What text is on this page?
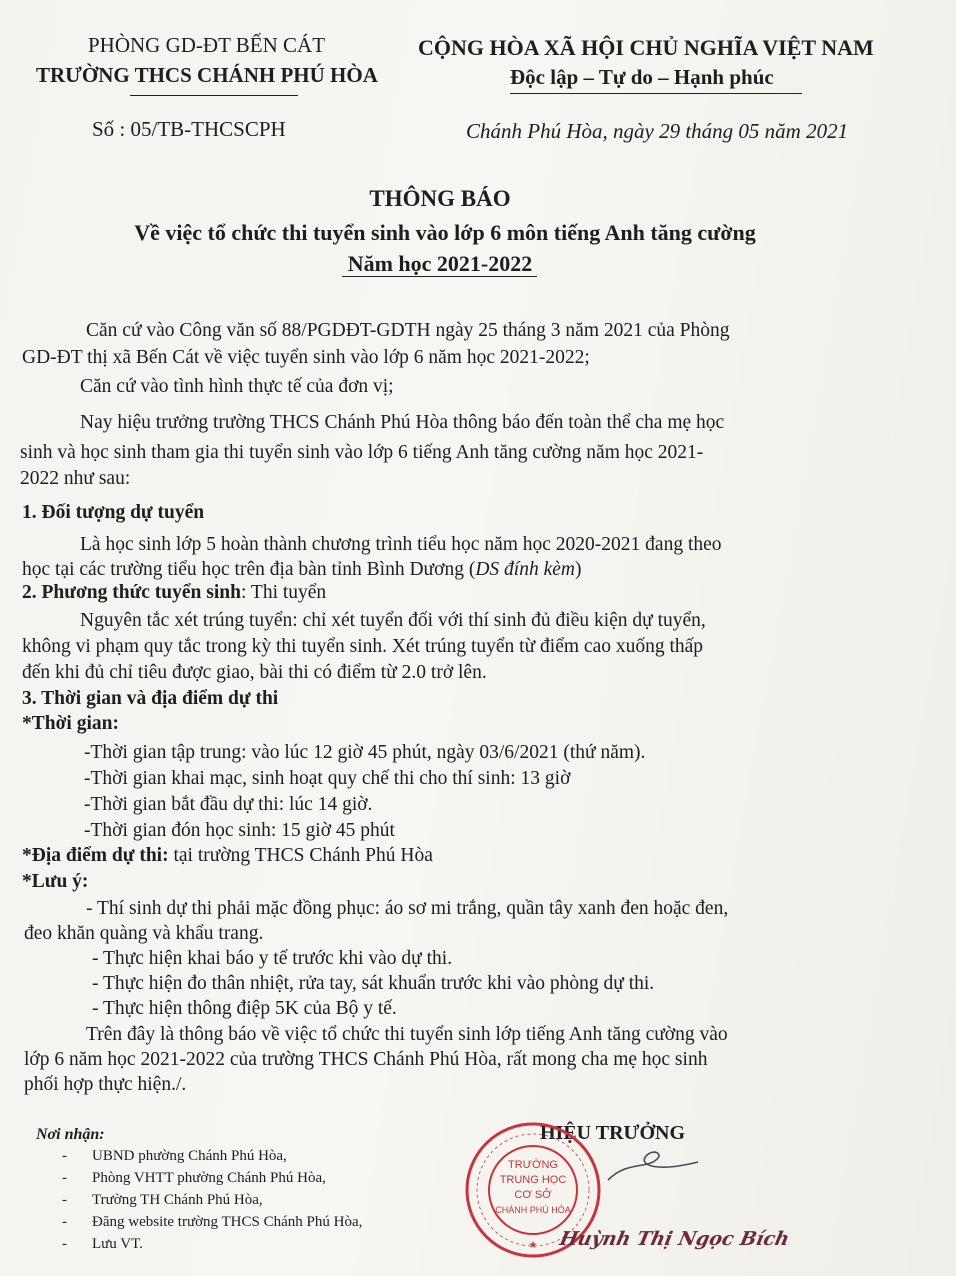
PHÒNG GD-ĐT BẾN CÁT
TRƯỜNG THCS CHÁNH PHÚ HÒA
Số : 05/TB-THCSCPH
CỘNG HÒA XÃ HỘI CHỦ NGHĨA VIỆT NAM
Độc lập – Tự do – Hạnh phúc
Chánh Phú Hòa, ngày 29 tháng 05 năm 2021
THÔNG BÁO
Về việc tổ chức thi tuyển sinh vào lớp 6 môn tiếng Anh tăng cường
Năm học 2021-2022
Căn cứ vào Công văn số 88/PGDĐT-GDTH ngày 25 tháng 3 năm 2021 của Phòng
GD-ĐT thị xã Bến Cát về việc tuyển sinh vào lớp 6 năm học 2021-2022;
Căn cứ vào tình hình thực tế của đơn vị;
Nay hiệu trưởng trường THCS Chánh Phú Hòa thông báo đến toàn thể cha mẹ học
sinh và học sinh tham gia thi tuyển sinh vào lớp 6 tiếng Anh tăng cường năm học 2021-
2022 như sau:
1. Đối tượng dự tuyển
Là học sinh lớp 5 hoàn thành chương trình tiểu học năm học 2020-2021 đang theo
học tại các trường tiểu học trên địa bàn tỉnh Bình Dương (DS đính kèm)
2. Phương thức tuyển sinh: Thi tuyển
Nguyên tắc xét trúng tuyển: chỉ xét tuyển đối với thí sinh đủ điều kiện dự tuyển,
không vi phạm quy tắc trong kỳ thi tuyển sinh. Xét trúng tuyển từ điểm cao xuống thấp
đến khi đủ chỉ tiêu được giao, bài thi có điểm từ 2.0 trở lên.
3. Thời gian và địa điểm dự thi
*Thời gian:
-Thời gian tập trung: vào lúc 12 giờ 45 phút, ngày 03/6/2021 (thứ năm).
-Thời gian khai mạc, sinh hoạt quy chế thi cho thí sinh: 13 giờ
-Thời gian bắt đầu dự thi: lúc 14 giờ.
-Thời gian đón học sinh: 15 giờ 45 phút
*Địa điểm dự thi: tại trường THCS Chánh Phú Hòa
*Lưu ý:
- Thí sinh dự thi phải mặc đồng phục: áo sơ mi trắng, quần tây xanh đen hoặc đen,
đeo khăn quàng và khẩu trang.
- Thực hiện khai báo y tế trước khi vào dự thi.
- Thực hiện đo thân nhiệt, rửa tay, sát khuẩn trước khi vào phòng dự thi.
- Thực hiện thông điệp 5K của Bộ y tế.
Trên đây là thông báo về việc tổ chức thi tuyển sinh lớp tiếng Anh tăng cường vào
lớp 6 năm học 2021-2022 của trường THCS Chánh Phú Hòa, rất mong cha mẹ học sinh
phối hợp thực hiện./.
Nơi nhận:
- UBND phường Chánh Phú Hòa,
- Phòng VHTT phường Chánh Phú Hòa,
- Trường TH Chánh Phú Hòa,
- Đăng website trường THCS Chánh Phú Hòa,
- Lưu VT.
HIỆU TRƯỞNG
TRƯỜNG
TRUNG HỌC
CƠ SỞ
CHÁNH PHÚ HÒA
★ Huỳnh Thị Ngọc Bích
